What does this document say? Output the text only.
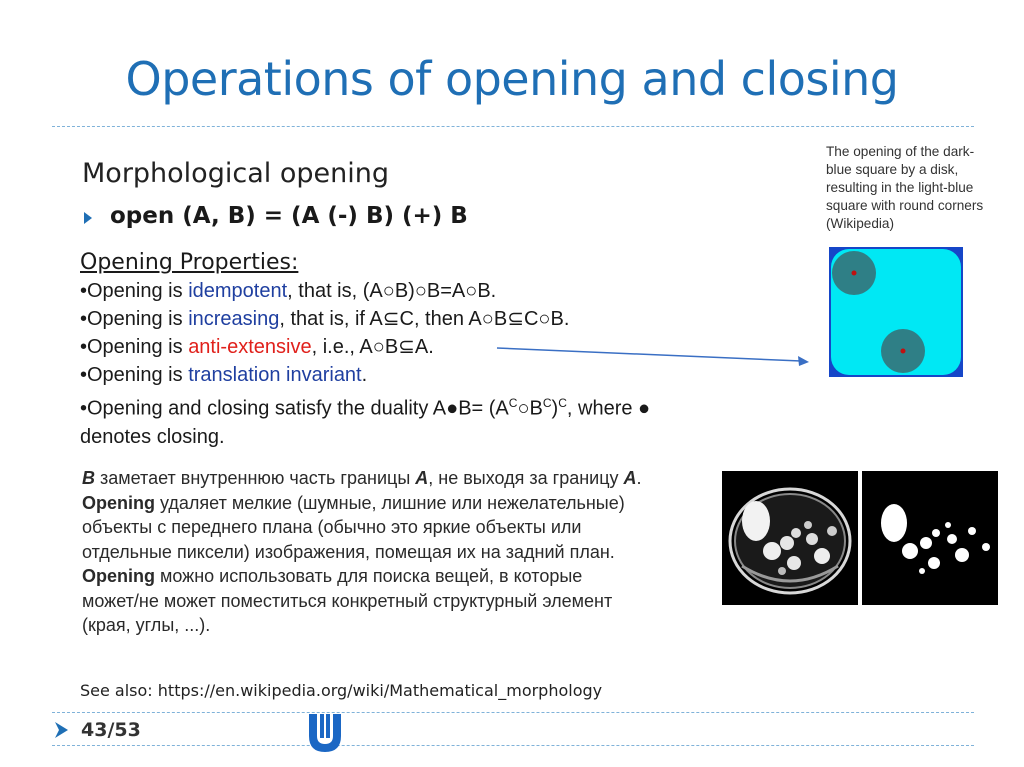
Operations of opening and closing
Morphological opening
open (A, B) = (A (-) B) (+) B
Opening Properties:
•Opening is idempotent, that is, (A○B)○B=A○B.
•Opening is increasing, that is, if A⊆C, then A○B⊆C○B.
•Opening is anti-extensive, i.e., A○B⊆A.
•Opening is translation invariant.
•Opening and closing satisfy the duality A●B= $(A^C○B^C)^C$, where ●
denotes closing.
B заметает внутреннюю часть границы A, не выходя за границу A.
Opening удаляет мелкие (шумные, лишние или нежелательные)
объекты с переднего плана (обычно это яркие объекты или
отдельные пиксели) изображения, помещая их на задний план.
Opening можно использовать для поиска вещей, в которые
может/не может поместиться конкретный структурный элемент
(края, углы, ...).
See also: https://en.wikipedia.org/wiki/Mathematical_morphology
The opening of the dark-blue square by a disk, resulting in the light-blue square with round corners (Wikipedia)
43/53
